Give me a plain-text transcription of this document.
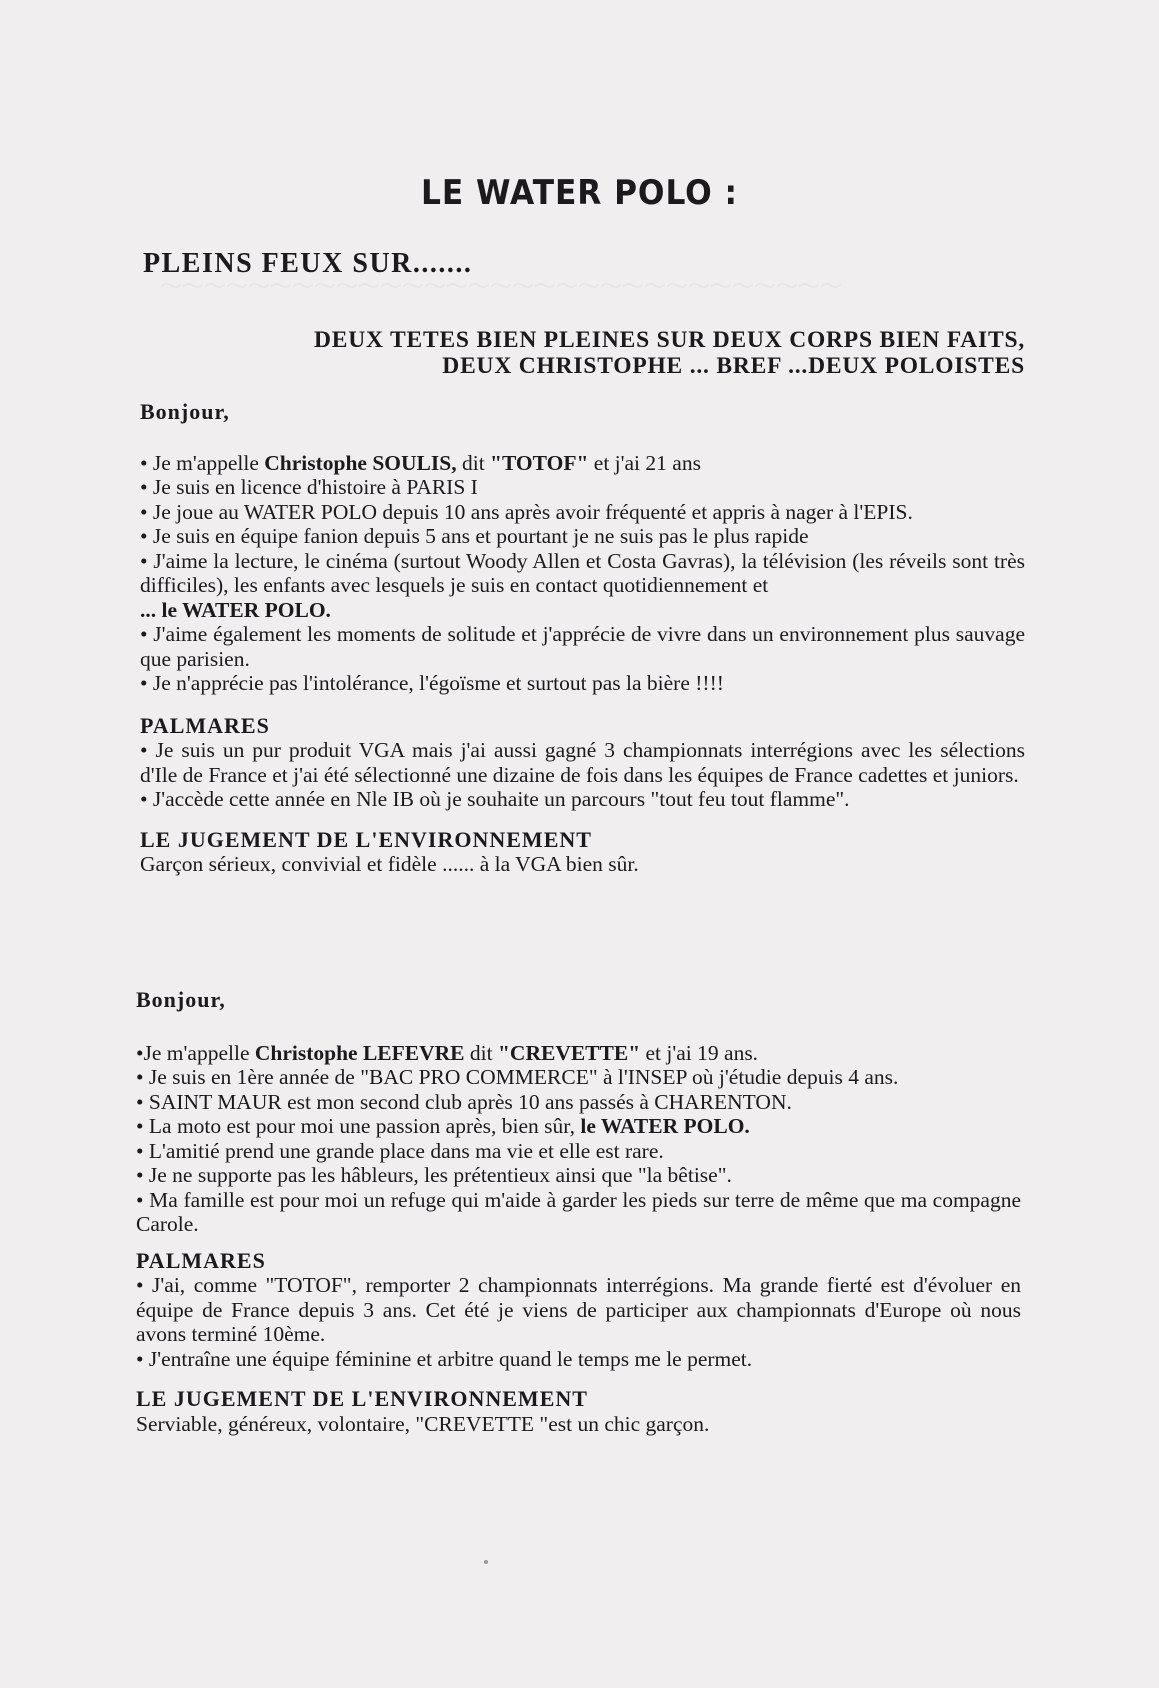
LE WATER POLO :
PLEINS FEUX SUR.......
DEUX TETES BIEN PLEINES SUR DEUX CORPS BIEN FAITS,
DEUX CHRISTOPHE ... BREF ...DEUX POLOISTES

Bonjour,

• Je m'appelle Christophe SOULIS, dit "TOTOF" et j'ai 21 ans

• Je suis en licence d'histoire à PARIS I

• Je joue au WATER POLO depuis 10 ans après avoir fréquenté et appris à nager à l'EPIS.

• Je suis en équipe fanion depuis 5 ans et pourtant je ne suis pas le plus rapide

• J'aime la lecture, le cinéma (surtout Woody Allen et Costa Gavras), la télévision (les réveils sont très difficiles), les enfants avec lesquels je suis en contact quotidiennement et

... le WATER POLO.

• J'aime également les moments de solitude et j'apprécie de vivre dans un environnement plus sauvage que parisien.

• Je n'apprécie pas l'intolérance, l'égoïsme et surtout pas la bière !!!!

PALMARES

• Je suis un pur produit VGA mais j'ai aussi gagné 3 championnats interrégions avec les sélections d'Ile de France et j'ai été sélectionné une dizaine de fois dans les équipes de France cadettes et juniors.

• J'accède cette année en Nle IB où je souhaite un parcours "tout feu tout flamme".

LE JUGEMENT DE L'ENVIRONNEMENT

Garçon sérieux, convivial et fidèle ...... à la VGA bien sûr.

Bonjour,

•Je m'appelle Christophe LEFEVRE dit "CREVETTE" et j'ai 19 ans.

• Je suis en 1ère année de "BAC PRO COMMERCE" à l'INSEP où j'étudie depuis 4 ans.

• SAINT MAUR est mon second club après 10 ans passés à CHARENTON.

• La moto est pour moi une passion après, bien sûr, le WATER POLO.

• L'amitié prend une grande place dans ma vie et elle est rare.

• Je ne supporte pas les hâbleurs, les prétentieux ainsi que "la bêtise".

• Ma famille est pour moi un refuge qui m'aide à garder les pieds sur terre de même que ma compagne Carole.

PALMARES

• J'ai, comme "TOTOF", remporter 2 championnats interrégions. Ma grande fierté est d'évoluer en équipe de France depuis 3 ans. Cet été je viens de participer aux championnats d'Europe où nous avons terminé 10ème.

• J'entraîne une équipe féminine et arbitre quand le temps me le permet.

LE JUGEMENT DE L'ENVIRONNEMENT

Serviable, généreux, volontaire, "CREVETTE "est un chic garçon.
